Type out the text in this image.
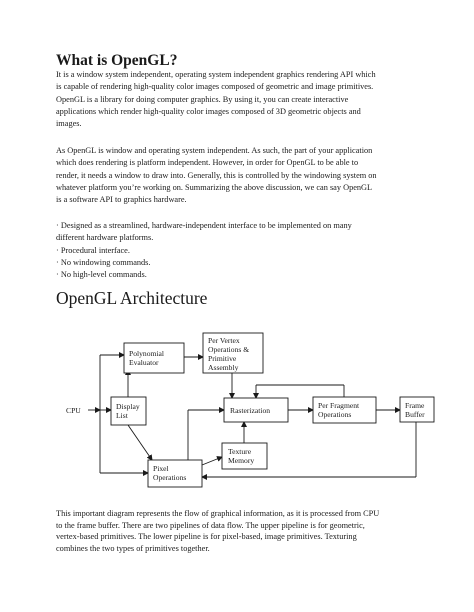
What is OpenGL?

It is a window system independent, operating system independent graphics rendering API which
is capable of rendering high-quality color images composed of geometric and image primitives.
OpenGL is a library for doing computer graphics. By using it, you can create interactive
applications which render high-quality color images composed of 3D geometric objects and
images.

As OpenGL is window and operating system independent. As such, the part of your application
which does rendering is platform independent. However, in order for OpenGL to be able to
render, it needs a window to draw into. Generally, this is controlled by the windowing system on
whatever platform you’re working on. Summarizing the above discussion, we can say OpenGL
is a software API to graphics hardware.

· Designed as a streamlined, hardware-independent interface to be implemented on many
different hardware platforms.
· Procedural interface.
· No windowing commands.
· No high-level commands.

OpenGL Architecture
CPU
Polynomial
Evaluator
Per Vertex
Operations &
Primitive
Assembly
Display
List
Rasterization
Per Fragment
Operations
Frame
Buffer
Texture
Memory
Pixel
Operations

This important diagram represents the flow of graphical information, as it is processed from CPU
to the frame buffer. There are two pipelines of data flow. The upper pipeline is for geometric,
vertex-based primitives. The lower pipeline is for pixel-based, image primitives. Texturing
combines the two types of primitives together.
